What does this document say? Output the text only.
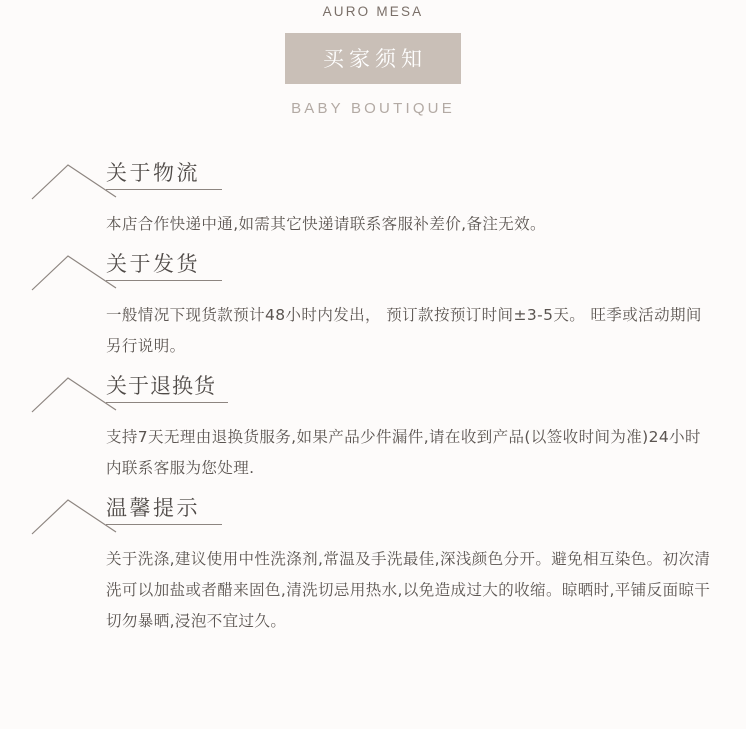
AURO MESA
买家须知
BABY BOUTIQUE
关于物流
本店合作快递中通,如需其它快递请联系客服补差价,备注无效。
关于发货
一般情况下现货款预计48小时内发出， 预订款按预订时间±3-5天。 旺季或活动期间另行说明。
关于退换货
支持7天无理由退换货服务,如果产品少件漏件,请在收到产品(以签收时间为准)24小时内联系客服为您处理.
温馨提示
关于洗涤,建议使用中性洗涤剂,常温及手洗最佳,深浅颜色分开。避免相互染色。初次清洗可以加盐或者醋来固色,清洗切忌用热水,以免造成过大的收缩。晾晒时,平铺反面晾干切勿暴晒,浸泡不宜过久。
